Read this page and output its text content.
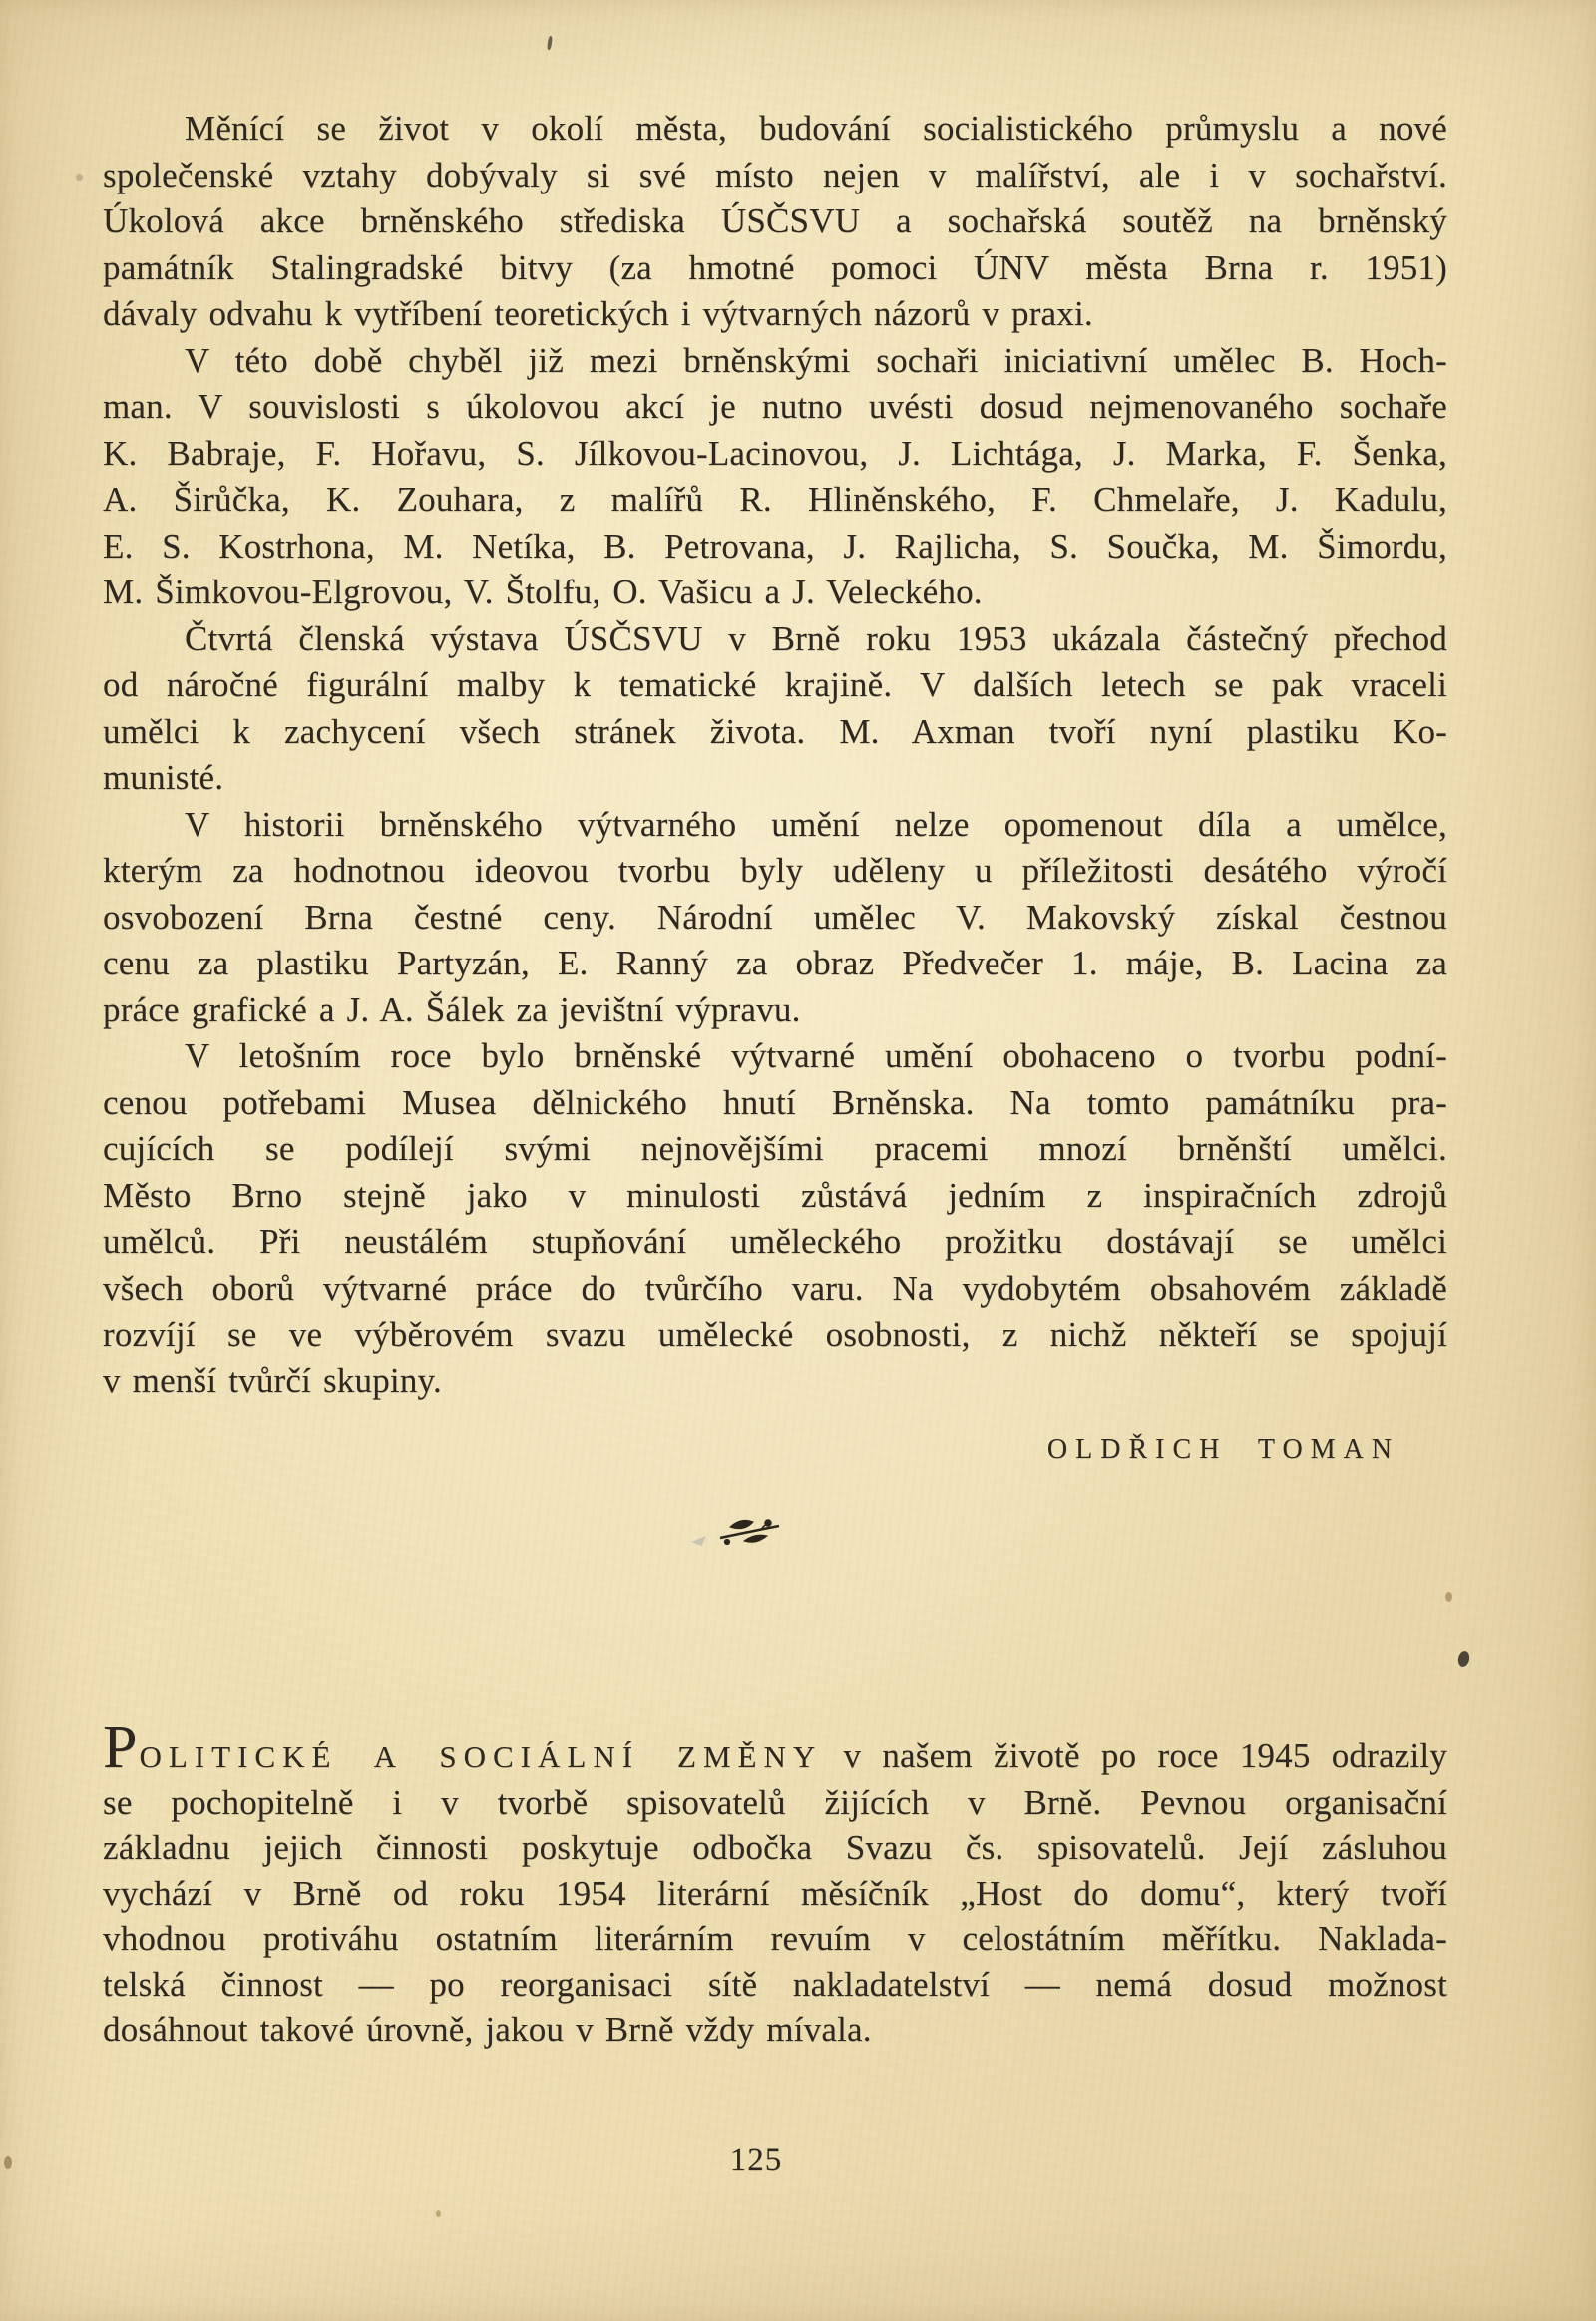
Měnící se život v okolí města, budování socialistického průmyslu a nové
společenské vztahy dobývaly si své místo nejen v malířství, ale i v sochařství.
Úkolová akce brněnského střediska ÚSČSVU a sochařská soutěž na brněnský
památník Stalingradské bitvy (za hmotné pomoci ÚNV města Brna r. 1951)
dávaly odvahu k vytříbení teoretických i výtvarných názorů v praxi.
V této době chyběl již mezi brněnskými sochaři iniciativní umělec B. Hoch-
man. V souvislosti s úkolovou akcí je nutno uvésti dosud nejmenovaného sochaře
K. Babraje, F. Hořavu, S. Jílkovou-Lacinovou, J. Lichtága, J. Marka, F. Šenka,
A. Širůčka, K. Zouhara, z malířů R. Hliněnského, F. Chmelaře, J. Kadulu,
E. S. Kostrhona, M. Netíka, B. Petrovana, J. Rajlicha, S. Součka, M. Šimordu,
M. Šimkovou-Elgrovou, V. Štolfu, O. Vašicu a J. Veleckého.
Čtvrtá členská výstava ÚSČSVU v Brně roku 1953 ukázala částečný přechod
od náročné figurální malby k tematické krajině. V dalších letech se pak vraceli
umělci k zachycení všech stránek života. M. Axman tvoří nyní plastiku Ko-
munisté.
V historii brněnského výtvarného umění nelze opomenout díla a umělce,
kterým za hodnotnou ideovou tvorbu byly uděleny u příležitosti desátého výročí
osvobození Brna čestné ceny. Národní umělec V. Makovský získal čestnou
cenu za plastiku Partyzán, E. Ranný za obraz Předvečer 1. máje, B. Lacina za
práce grafické a J. A. Šálek za jevištní výpravu.
V letošním roce bylo brněnské výtvarné umění obohaceno o tvorbu podní-
cenou potřebami Musea dělnického hnutí Brněnska. Na tomto památníku pra-
cujících se podílejí svými nejnovějšími pracemi mnozí brněnští umělci.
Město Brno stejně jako v minulosti zůstává jedním z inspiračních zdrojů
umělců. Při neustálém stupňování uměleckého prožitku dostávají se umělci
všech oborů výtvarné práce do tvůrčího varu. Na vydobytém obsahovém základě
rozvíjí se ve výběrovém svazu umělecké osobnosti, z nichž někteří se spojují
v menší tvůrčí skupiny.
OLDŘICH TOMAN
POLITICKÉ A SOCIÁLNÍ ZMĚNY v našem životě po roce 1945 odrazily
se pochopitelně i v tvorbě spisovatelů žijících v Brně. Pevnou organisační
základnu jejich činnosti poskytuje odbočka Svazu čs. spisovatelů. Její zásluhou
vychází v Brně od roku 1954 literární měsíčník „Host do domu“, který tvoří
vhodnou protiváhu ostatním literárním revuím v celostátním měřítku. Naklada-
telská činnost — po reorganisaci sítě nakladatelství — nemá dosud možnost
dosáhnout takové úrovně, jakou v Brně vždy mívala.
125
